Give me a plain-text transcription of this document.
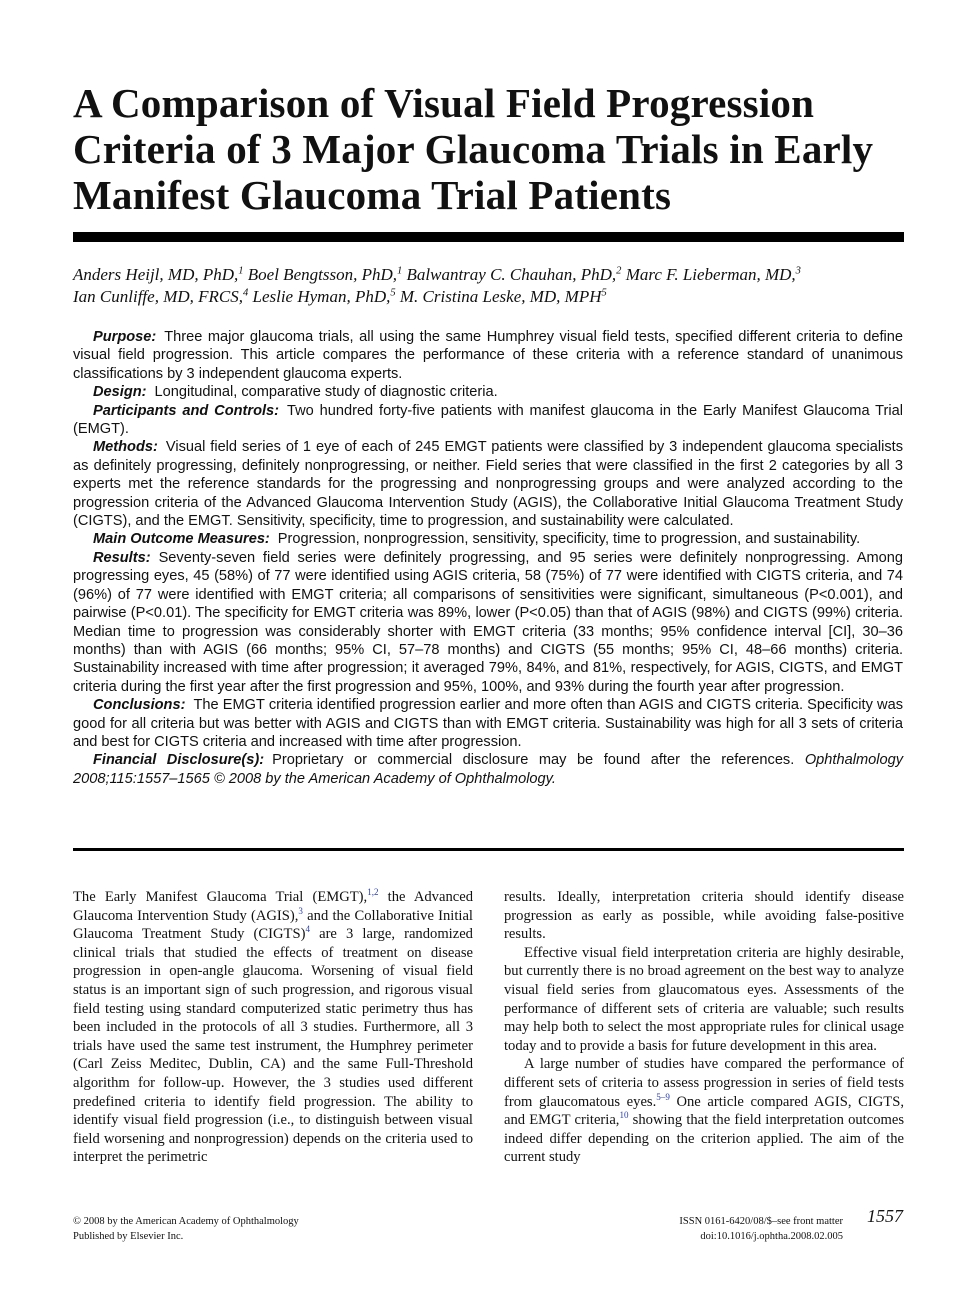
A Comparison of Visual Field Progression Criteria of 3 Major Glaucoma Trials in Early Manifest Glaucoma Trial Patients
Anders Heijl, MD, PhD,$^1$ Boel Bengtsson, PhD,$^1$ Balwantray C. Chauhan, PhD,$^2$ Marc F. Lieberman, MD,$^3$
Ian Cunliffe, MD, FRCS,$^4$ Leslie Hyman, PhD,$^5$ M. Cristina Leske, MD, MPH$^5$

Purpose: Three major glaucoma trials, all using the same Humphrey visual field tests, specified different criteria to define visual field progression. This article compares the performance of these criteria with a reference standard of unanimous classifications by 3 independent glaucoma experts.

Design: Longitudinal, comparative study of diagnostic criteria.

Participants and Controls: Two hundred forty-five patients with manifest glaucoma in the Early Manifest Glaucoma Trial (EMGT).

Methods: Visual field series of 1 eye of each of 245 EMGT patients were classified by 3 independent glaucoma specialists as definitely progressing, definitely nonprogressing, or neither. Field series that were classified in the first 2 categories by all 3 experts met the reference standards for the progressing and nonprogressing groups and were analyzed according to the progression criteria of the Advanced Glaucoma Intervention Study (AGIS), the Collaborative Initial Glaucoma Treatment Study (CIGTS), and the EMGT. Sensitivity, specificity, time to progression, and sustainability were calculated.

Main Outcome Measures: Progression, nonprogression, sensitivity, specificity, time to progression, and sustainability.

Results: Seventy-seven field series were definitely progressing, and 95 series were definitely nonprogressing. Among progressing eyes, 45 (58%) of 77 were identified using AGIS criteria, 58 (75%) of 77 were identified with CIGTS criteria, and 74 (96%) of 77 were identified with EMGT criteria; all comparisons of sensitivities were significant, simultaneous (P<0.001), and pairwise (P<0.01). The specificity for EMGT criteria was 89%, lower (P<0.05) than that of AGIS (98%) and CIGTS (99%) criteria. Median time to progression was considerably shorter with EMGT criteria (33 months; 95% confidence interval [CI], 30–36 months) than with AGIS (66 months; 95% CI, 57–78 months) and CIGTS (55 months; 95% CI, 48–66 months) criteria. Sustainability increased with time after progression; it averaged 79%, 84%, and 81%, respectively, for AGIS, CIGTS, and EMGT criteria during the first year after the first progression and 95%, 100%, and 93% during the fourth year after progression.

Conclusions: The EMGT criteria identified progression earlier and more often than AGIS and CIGTS criteria. Specificity was good for all criteria but was better with AGIS and CIGTS than with EMGT criteria. Sustainability was high for all 3 sets of criteria and best for CIGTS criteria and increased with time after progression.

Financial Disclosure(s): Proprietary or commercial disclosure may be found after the references. Ophthalmology 2008;115:1557–1565 © 2008 by the American Academy of Ophthalmology.

The Early Manifest Glaucoma Trial (EMGT),$^{1,2}$ the Advanced Glaucoma Intervention Study (AGIS),$^3$ and the Collaborative Initial Glaucoma Treatment Study (CIGTS)$^4$ are 3 large, randomized clinical trials that studied the effects of treatment on disease progression in open-angle glaucoma. Worsening of visual field status is an important sign of such progression, and rigorous visual field testing using standard computerized static perimetry thus has been included in the protocols of all 3 studies. Furthermore, all 3 trials have used the same test instrument, the Humphrey perimeter (Carl Zeiss Meditec, Dublin, CA) and the same Full-Threshold algorithm for follow-up. However, the 3 studies used different predefined criteria to identify field progression. The ability to identify visual field progression (i.e., to distinguish between visual field worsening and nonprogression) depends on the criteria used to interpret the perimetric

results. Ideally, interpretation criteria should identify disease progression as early as possible, while avoiding false-positive results.

Effective visual field interpretation criteria are highly desirable, but currently there is no broad agreement on the best way to analyze visual field series from glaucomatous eyes. Assessments of the performance of different sets of criteria are valuable; such results may help both to select the most appropriate rules for clinical usage today and to provide a basis for future development in this area.

A large number of studies have compared the performance of different sets of criteria to assess progression in series of field tests from glaucomatous eyes.$^{5-9}$ One article compared AGIS, CIGTS, and EMGT criteria,$^{10}$ showing that the field interpretation outcomes indeed differ depending on the criterion applied. The aim of the current study

© 2008 by the American Academy of Ophthalmology
Published by Elsevier Inc.
ISSN 0161-6420/08/$–see front matter
doi:10.1016/j.ophtha.2008.02.005
1557
